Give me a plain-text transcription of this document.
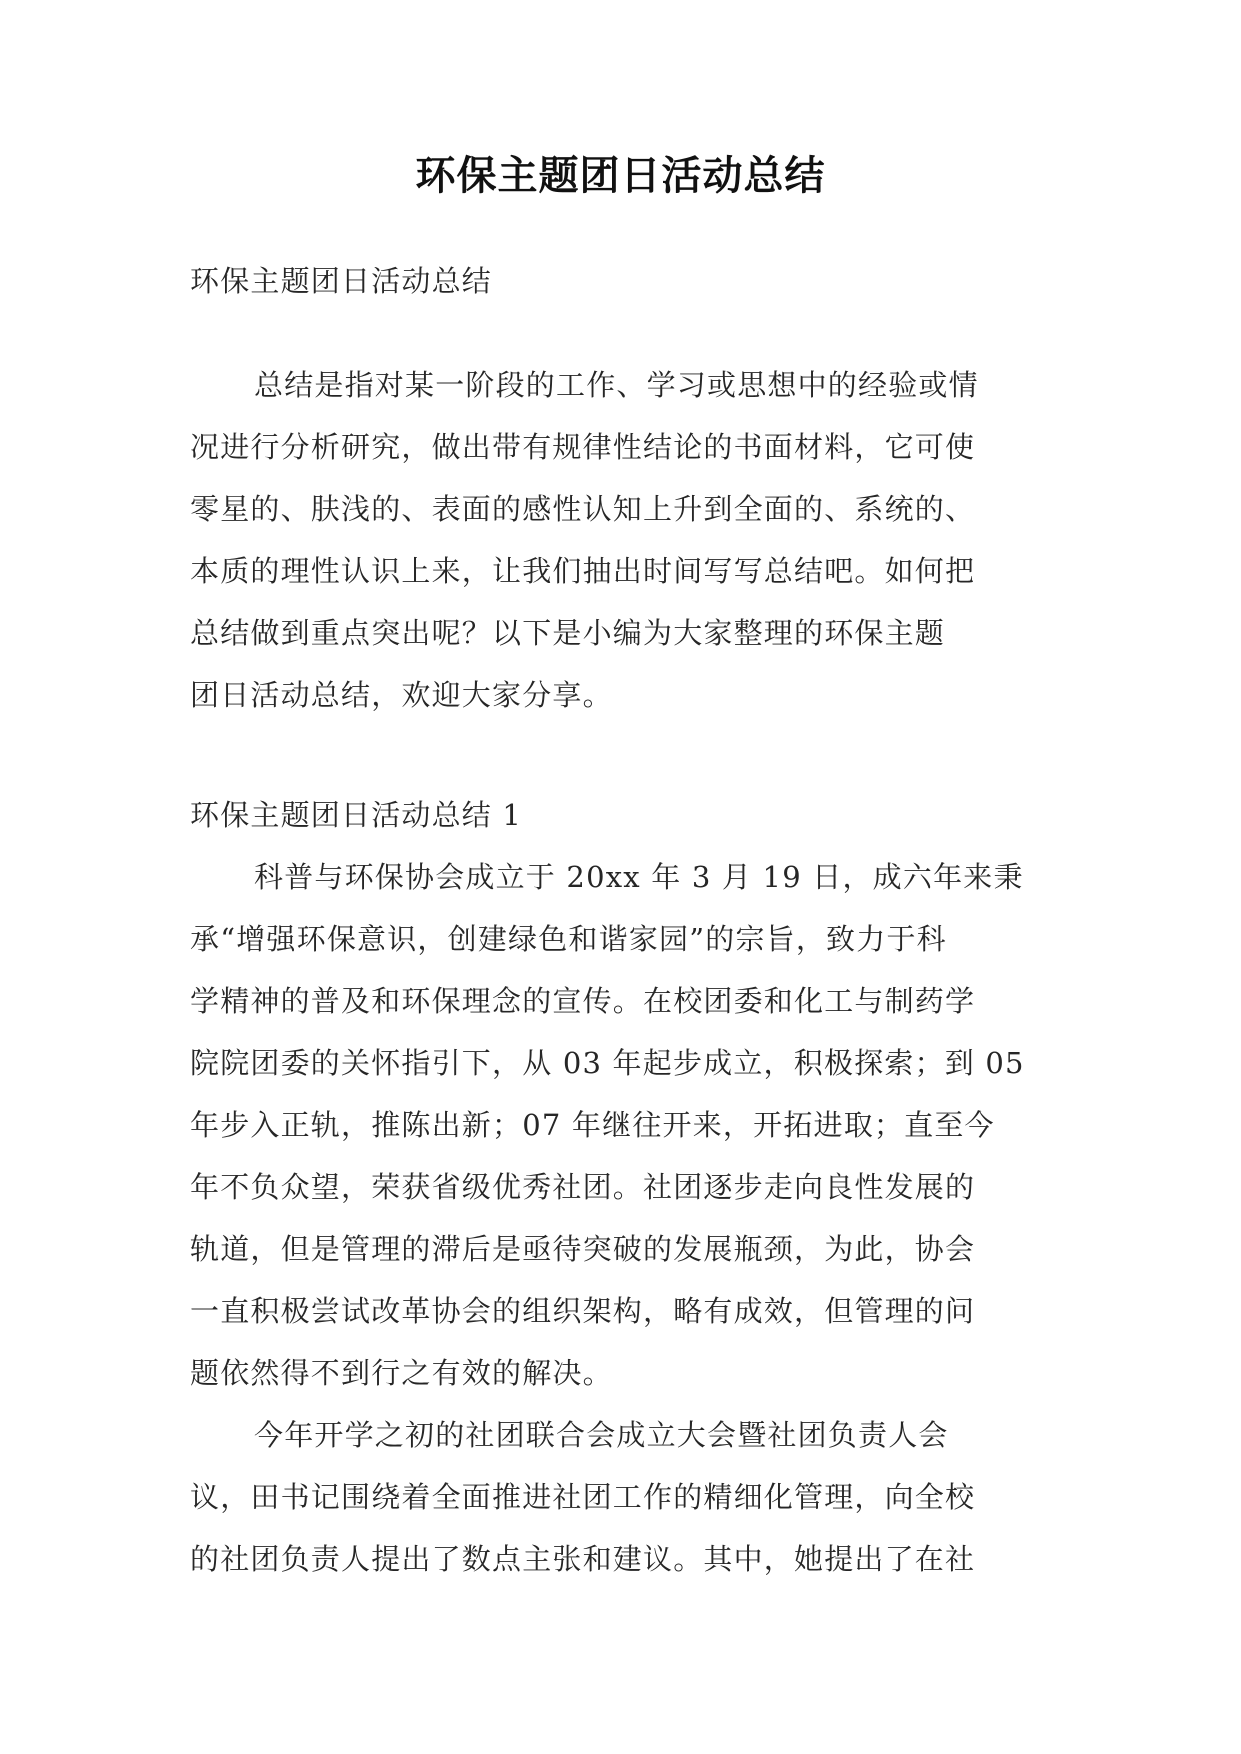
环保主题团日活动总结
环保主题团日活动总结
总结是指对某一阶段的工作、学习或思想中的经验或情
况进行分析研究，做出带有规律性结论的书面材料，它可使
零星的、肤浅的、表面的感性认知上升到全面的、系统的、
本质的理性认识上来，让我们抽出时间写写总结吧。如何把
总结做到重点突出呢？以下是小编为大家整理的环保主题
团日活动总结，欢迎大家分享。
环保主题团日活动总结 1
科普与环保协会成立于 20xx 年 3 月 19 日，成六年来秉
承“增强环保意识，创建绿色和谐家园”的宗旨，致力于科
学精神的普及和环保理念的宣传。在校团委和化工与制药学
院院团委的关怀指引下，从 03 年起步成立，积极探索；到 05
年步入正轨，推陈出新；07 年继往开来，开拓进取；直至今
年不负众望，荣获省级优秀社团。社团逐步走向良性发展的
轨道，但是管理的滞后是亟待突破的发展瓶颈，为此，协会
一直积极尝试改革协会的组织架构，略有成效，但管理的问
题依然得不到行之有效的解决。
今年开学之初的社团联合会成立大会暨社团负责人会
议，田书记围绕着全面推进社团工作的精细化管理，向全校
的社团负责人提出了数点主张和建议。其中，她提出了在社
